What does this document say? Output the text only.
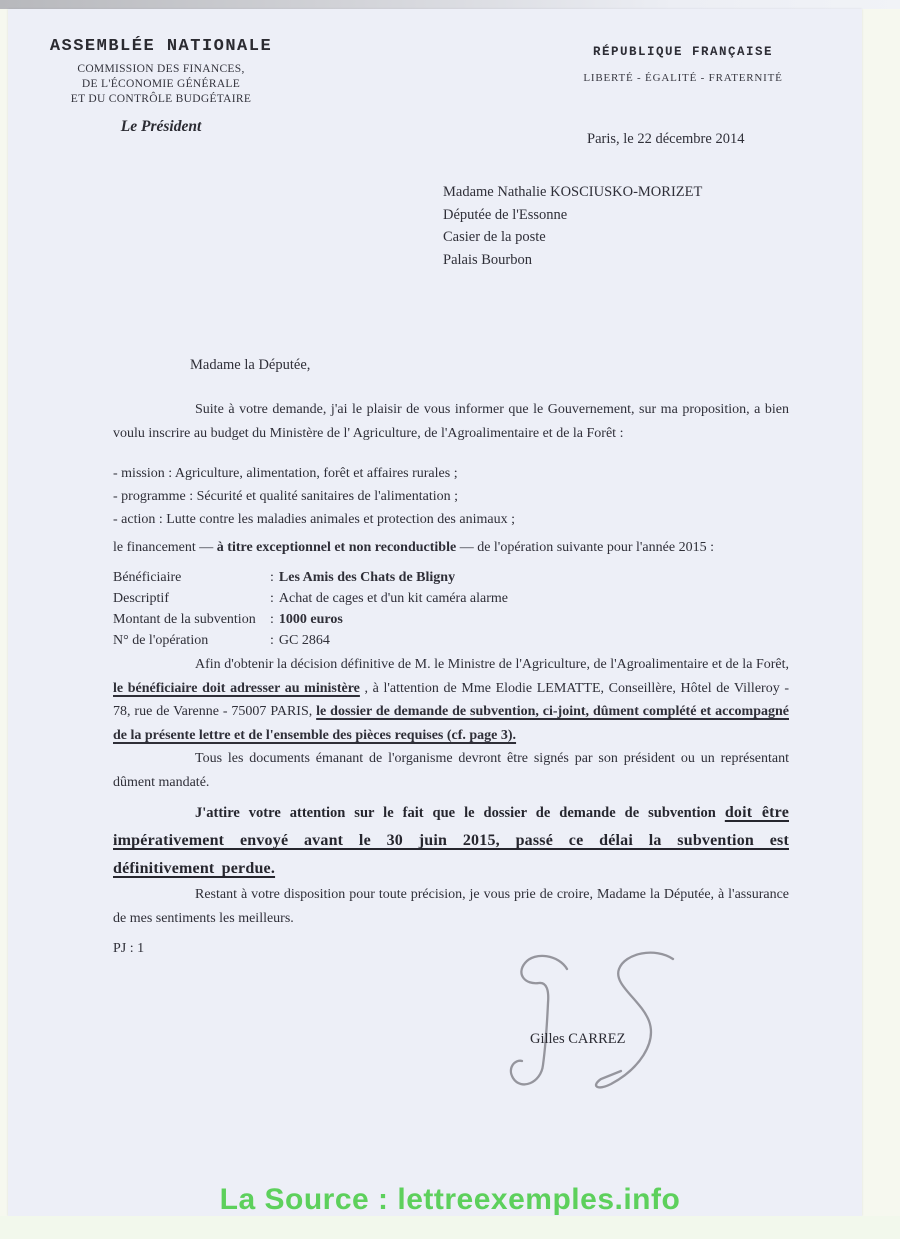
ASSEMBLÉE NATIONALE
COMMISSION DES FINANCES,
DE L'ÉCONOMIE GÉNÉRALE
ET DU CONTRÔLE BUDGÉTAIRE
Le Président
RÉPUBLIQUE FRANÇAISE
LIBERTÉ - ÉGALITÉ - FRATERNITÉ
Paris, le 22 décembre 2014
Madame Nathalie KOSCIUSKO-MORIZET
Députée de l'Essonne
Casier de la poste
Palais Bourbon
Madame la Députée,
Suite à votre demande, j'ai le plaisir de vous informer que le Gouvernement, sur ma proposition, a bien voulu inscrire au budget du Ministère de l' Agriculture, de l'Agroalimentaire et de la Forêt :
- mission : Agriculture, alimentation, forêt et affaires rurales ;
- programme : Sécurité et qualité sanitaires de l'alimentation ;
- action : Lutte contre les maladies animales et protection des animaux ;
le financement — à titre exceptionnel et non reconductible — de l'opération suivante pour l'année 2015 :
Bénéficiaire	: Les Amis des Chats de Bligny
Descriptif	: Achat de cages et d'un kit caméra alarme
Montant de la subvention	: 1000 euros
N° de l'opération	: GC 2864
Afin d'obtenir la décision définitive de M. le Ministre de l'Agriculture, de l'Agroalimentaire et de la Forêt, le bénéficiaire doit adresser au ministère , à l'attention de Mme Elodie LEMATTE, Conseillère, Hôtel de Villeroy - 78, rue de Varenne - 75007 PARIS, le dossier de demande de subvention, ci-joint, dûment complété et accompagné de la présente lettre et de l'ensemble des pièces requises (cf. page 3).
Tous les documents émanant de l'organisme devront être signés par son président ou un représentant dûment mandaté.
J'attire votre attention sur le fait que le dossier de demande de subvention doit être impérativement envoyé avant le 30 juin 2015, passé ce délai la subvention est définitivement perdue.
Restant à votre disposition pour toute précision, je vous prie de croire, Madame la Députée, à l'assurance de mes sentiments les meilleurs.
PJ : 1
Gilles CARREZ
La Source : lettreexemples.info
